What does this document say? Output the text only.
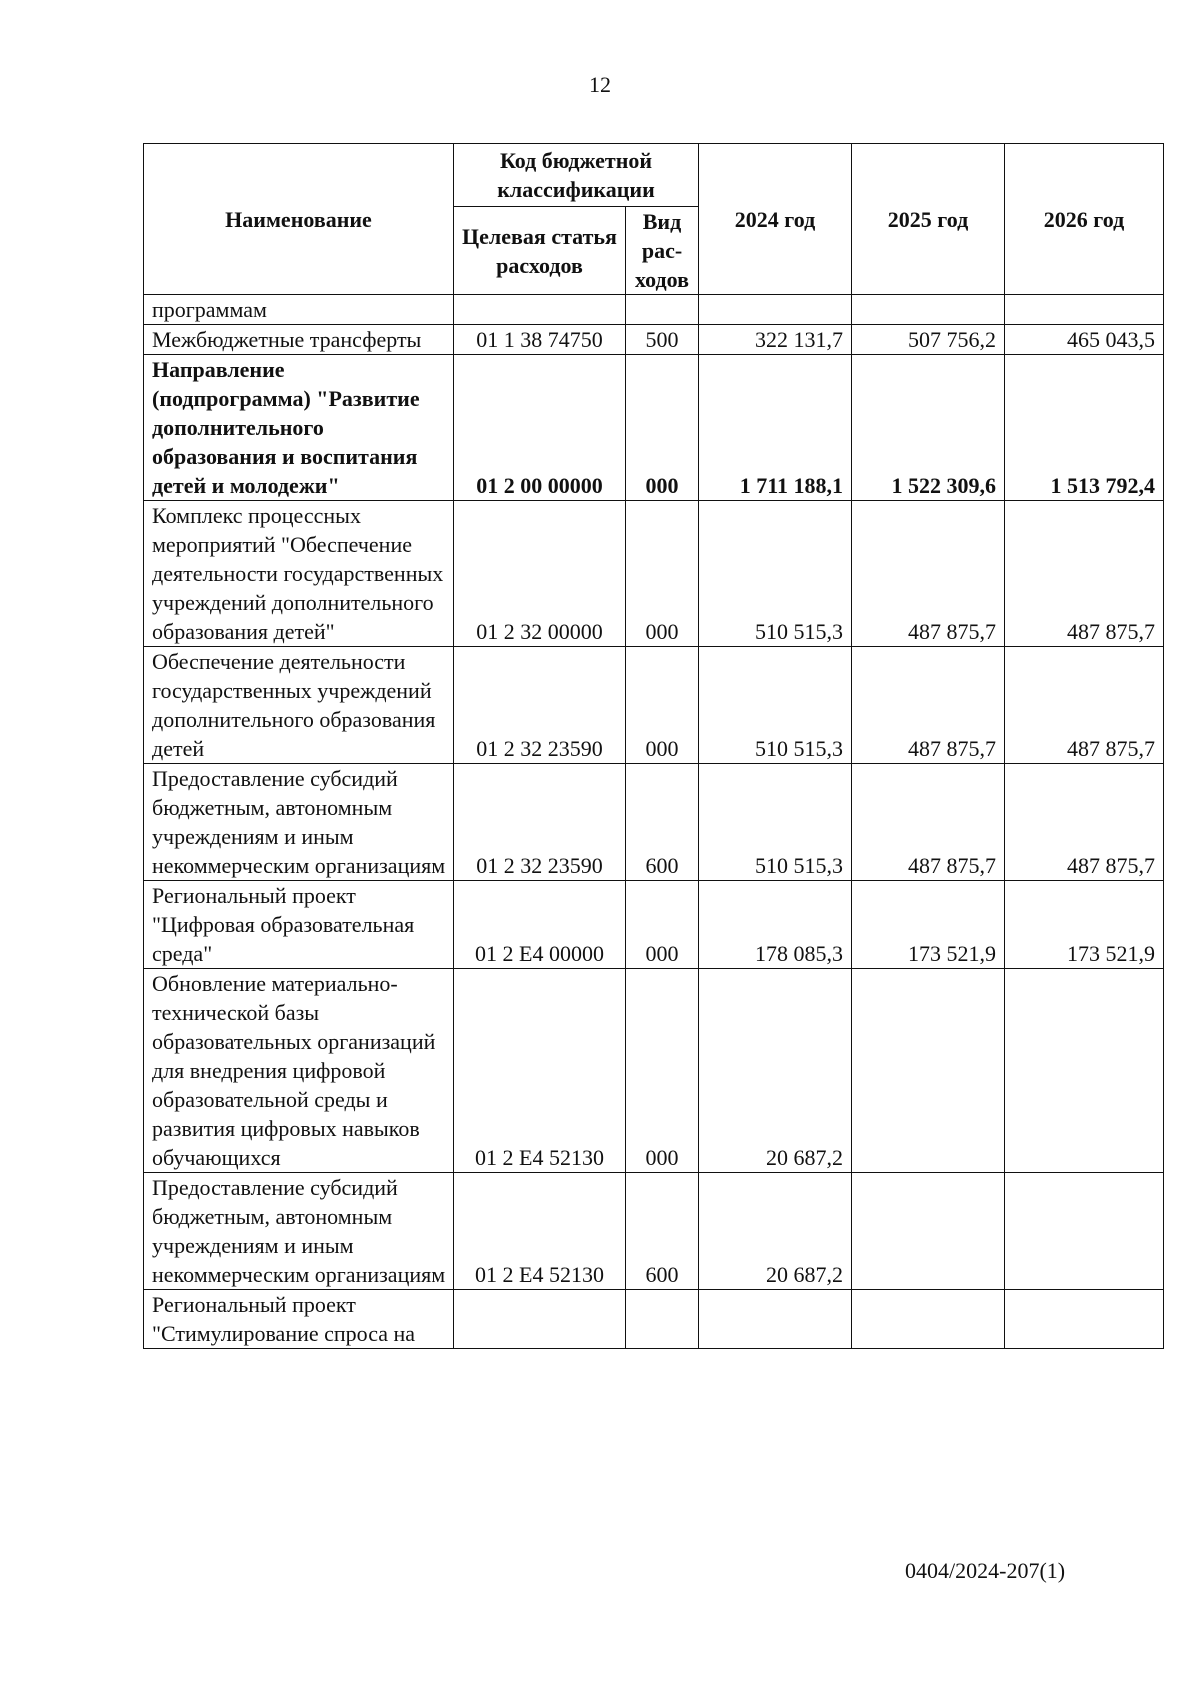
12
Наименование	Код бюджетной классификации		2024 год	2025 год	2026 год
	Целевая статья расходов	Вид рас-ходов			
программам					
Межбюджетные трансферты	01 1 38 74750	500	322 131,7	507 756,2	465 043,5
Направление (подпрограмма) "Развитие дополнительного образования и воспитания детей и молодежи"	01 2 00 00000	000	1 711 188,1	1 522 309,6	1 513 792,4
Комплекс процессных мероприятий "Обеспечение деятельности государственных учреждений дополнительного образования детей"	01 2 32 00000	000	510 515,3	487 875,7	487 875,7
Обеспечение деятельности государственных учреждений дополнительного образования детей	01 2 32 23590	000	510 515,3	487 875,7	487 875,7
Предоставление субсидий бюджетным, автономным учреждениям и иным некоммерческим организациям	01 2 32 23590	600	510 515,3	487 875,7	487 875,7
Региональный проект "Цифровая образовательная среда"	01 2 Е4 00000	000	178 085,3	173 521,9	173 521,9
Обновление материально-технической базы образовательных организаций для внедрения цифровой образовательной среды и развития цифровых навыков обучающихся	01 2 Е4 52130	000	20 687,2		
Предоставление субсидий бюджетным, автономным учреждениям и иным некоммерческим организациям	01 2 Е4 52130	600	20 687,2		
Региональный проект "Стимулирование спроса на					
0404/2024-207(1)
